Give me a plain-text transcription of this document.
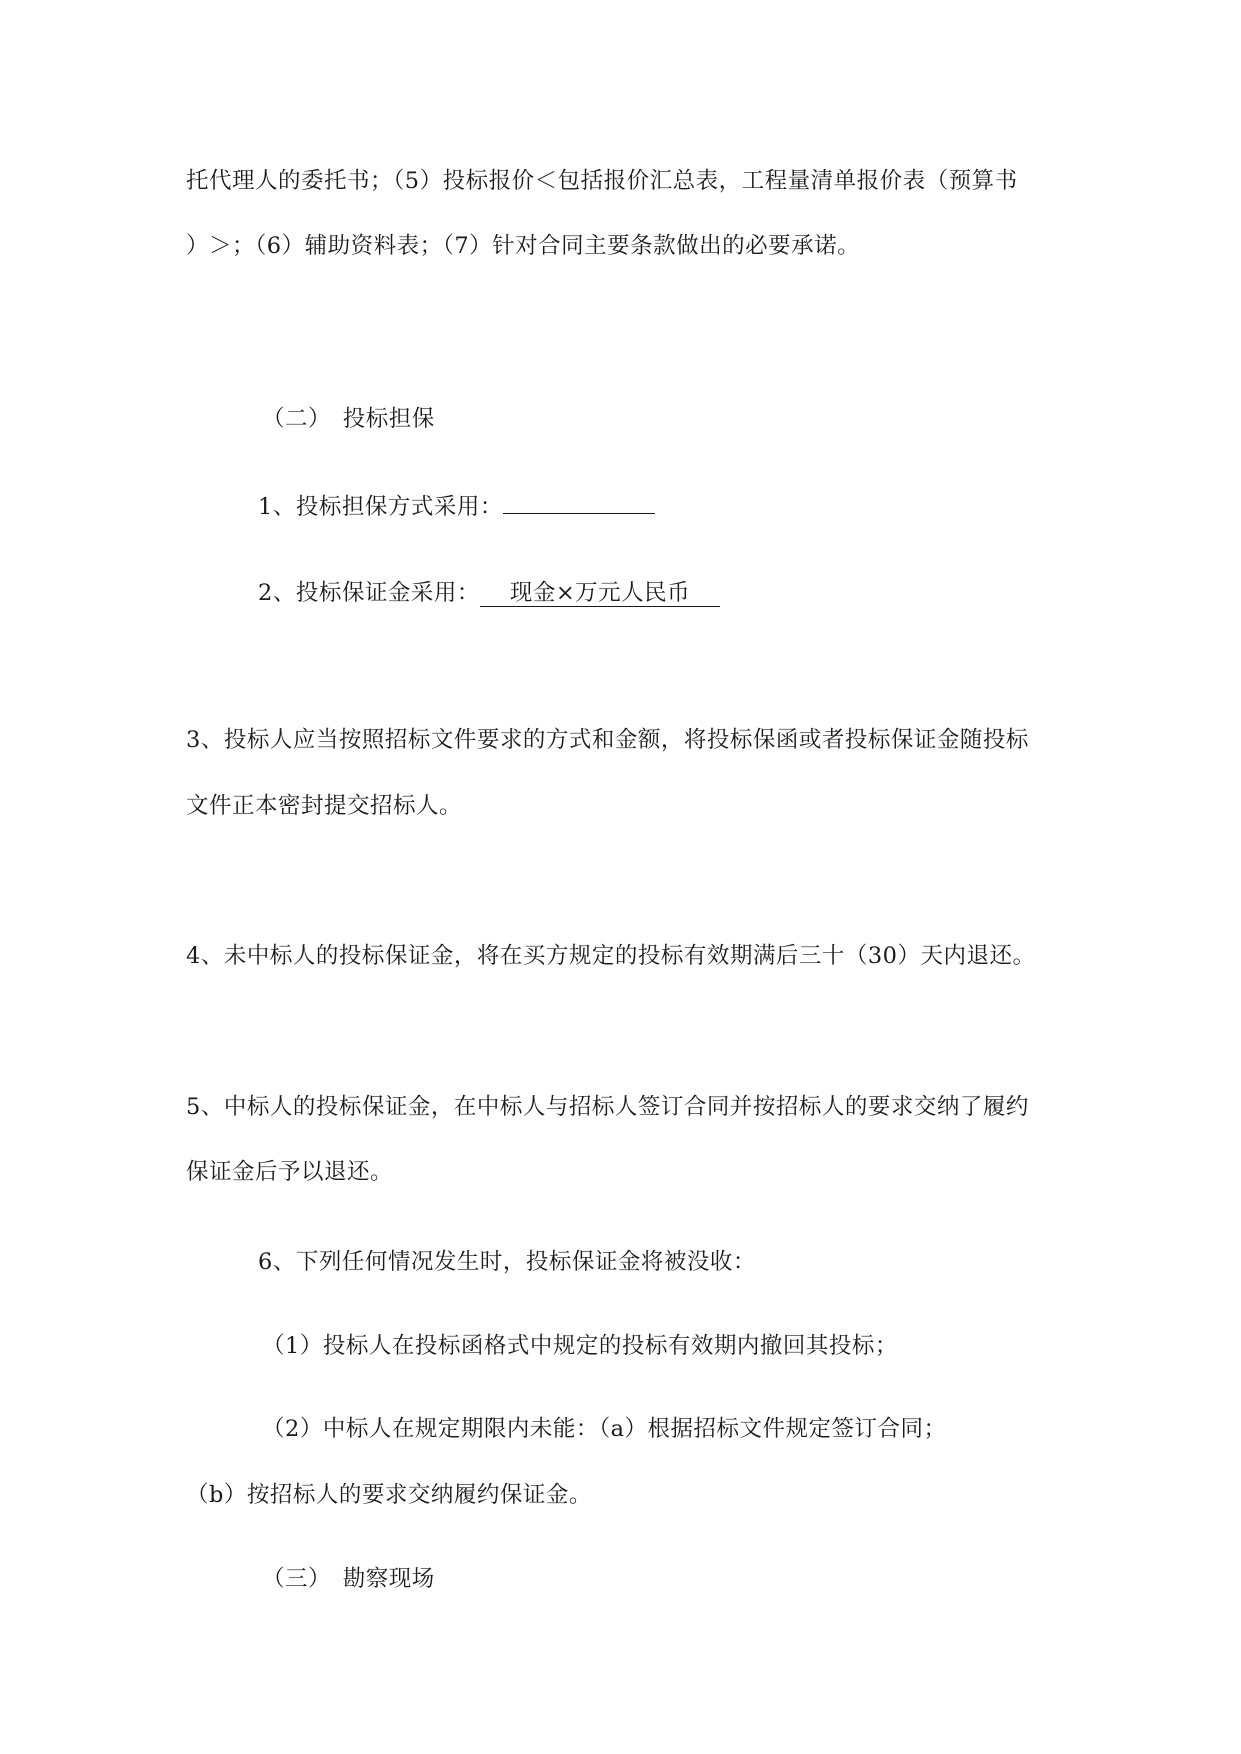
托代理人的委托书；（5）投标报价＜包括报价汇总表，工程量清单报价表（预算书
）＞；（6）辅助资料表；（7）针对合同主要条款做出的必要承诺。
（二）　投标担保
1、投标担保方式采用：
2、投标保证金采用： 现金×万元人民币
3、投标人应当按照招标文件要求的方式和金额，将投标保函或者投标保证金随投标
文件正本密封提交招标人。
4、未中标人的投标保证金，将在买方规定的投标有效期满后三十（30）天内退还。
5、中标人的投标保证金，在中标人与招标人签订合同并按招标人的要求交纳了履约
保证金后予以退还。
6、下列任何情况发生时，投标保证金将被没收：
（1）投标人在投标函格式中规定的投标有效期内撤回其投标；
（2）中标人在规定期限内未能：（a）根据招标文件规定签订合同；
（b）按招标人的要求交纳履约保证金。
（三）　勘察现场
